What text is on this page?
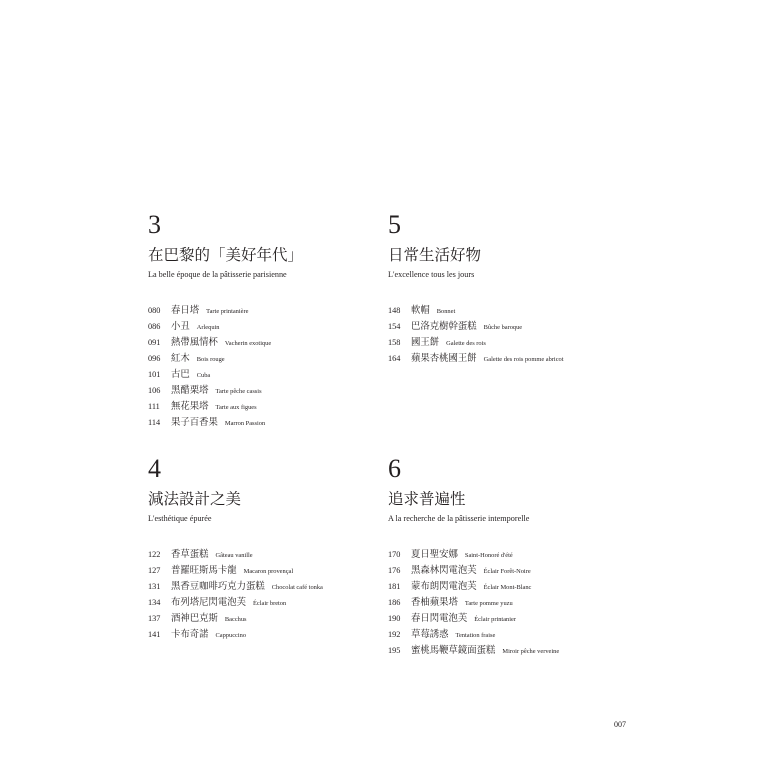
3
在巴黎的「美好年代」
La belle époque de la pâtisserie parisienne
080	春日塔 Tarte printanière
086	小丑 Arlequin
091	熱帶風情杯 Vacherin exotique
096	紅木 Bois rouge
101	古巴 Cuba
106	黑醋栗塔 Tarte pêche cassis
111	無花果塔 Tarte aux figues
114	果子百香果 Marron Passion
5
日常生活好物
L'excellence tous les jours
148	軟帽 Bonnet
154	巴洛克樹幹蛋糕 Bûche baroque
158	國王餅 Galette des rois
164	蘋果杏桃國王餅 Galette des rois pomme abricot
4
減法設計之美
L'esthétique épurée
122	香草蛋糕 Gâteau vanille
127	普羅旺斯馬卡龍 Macaron provençal
131	黑香豆咖啡巧克力蛋糕 Chocolat café tonka
134	布列塔尼閃電泡芙 Éclair breton
137	酒神巴克斯 Bacchus
141	卡布奇諾 Cappuccino
6
追求普遍性
A la recherche de la pâtisserie intemporelle
170	夏日聖安娜 Saint-Honoré d'été
176	黑森林閃電泡芙 Éclair Forêt-Noire
181	蒙布朗閃電泡芙 Éclair Mont-Blanc
186	香柚蘋果塔 Tarte pomme yuzu
190	春日閃電泡芙 Éclair printanier
192	草莓誘惑 Tentation fraise
195	蜜桃馬鞭草鏡面蛋糕 Miroir pêche verveine
007
